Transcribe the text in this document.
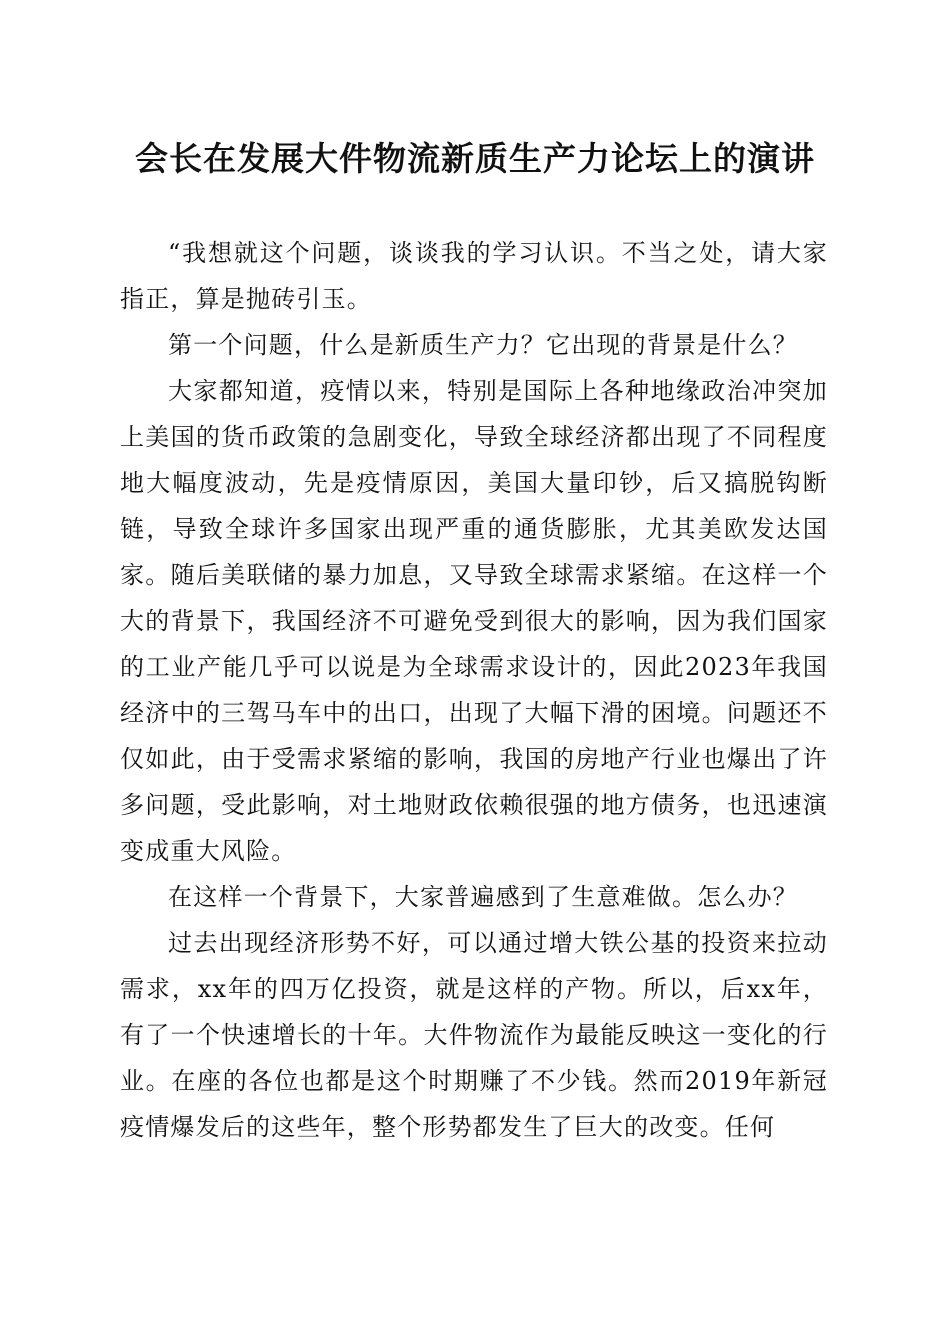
会长在发展大件物流新质生产力论坛上的演讲

“我想就这个问题，谈谈我的学习认识。不当之处，请大家指正，算是抛砖引玉。

第一个问题，什么是新质生产力？它出现的背景是什么？

大家都知道，疫情以来，特别是国际上各种地缘政治冲突加上美国的货币政策的急剧变化，导致全球经济都出现了不同程度地大幅度波动，先是疫情原因，美国大量印钞，后又搞脱钩断链，导致全球许多国家出现严重的通货膨胀，尤其美欧发达国家。随后美联储的暴力加息，又导致全球需求紧缩。在这样一个大的背景下，我国经济不可避免受到很大的影响，因为我们国家的工业产能几乎可以说是为全球需求设计的，因此2023年我国经济中的三驾马车中的出口，出现了大幅下滑的困境。问题还不仅如此，由于受需求紧缩的影响，我国的房地产行业也爆出了许多问题，受此影响，对土地财政依赖很强的地方债务，也迅速演变成重大风险。

在这样一个背景下，大家普遍感到了生意难做。怎么办？

过去出现经济形势不好，可以通过增大铁公基的投资来拉动需求，xx年的四万亿投资，就是这样的产物。所以，后xx年，有了一个快速增长的十年。大件物流作为最能反映这一变化的行业。在座的各位也都是这个时期赚了不少钱。然而2019年新冠疫情爆发后的这些年，整个形势都发生了巨大的改变。任何
